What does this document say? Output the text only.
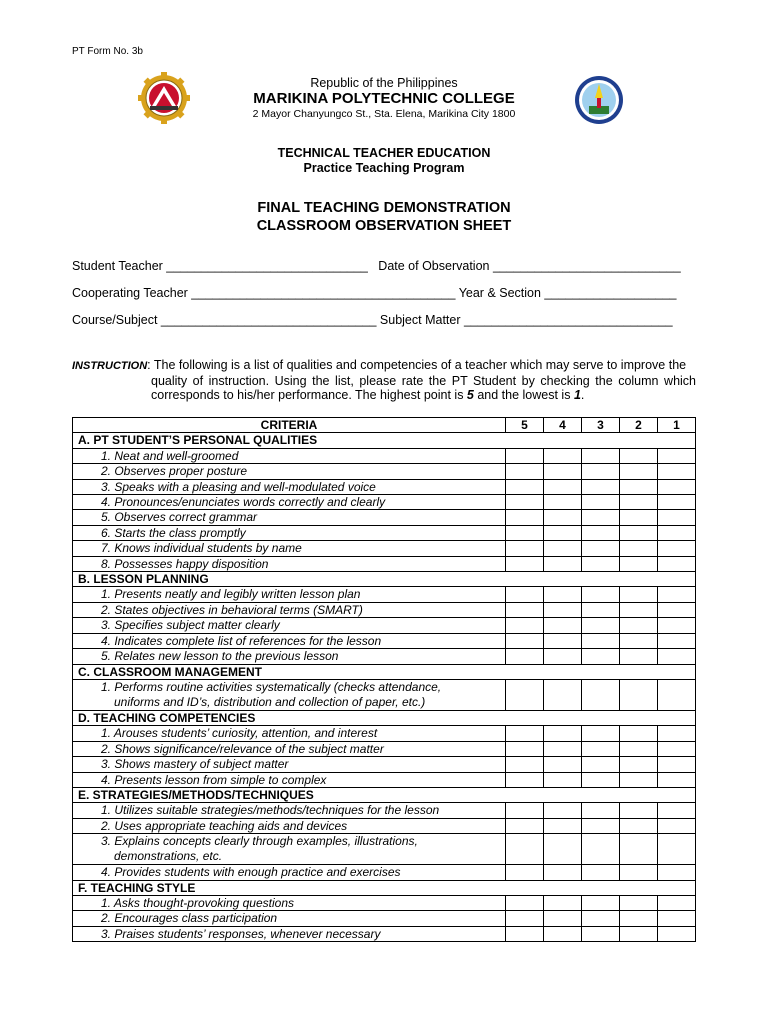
PT Form No. 3b
Republic of the Philippines
MARIKINA POLYTECHNIC COLLEGE
2 Mayor Chanyungco St., Sta. Elena, Marikina City 1800
TECHNICAL TEACHER EDUCATION
Practice Teaching Program
FINAL TEACHING DEMONSTRATION
CLASSROOM OBSERVATION SHEET
Student Teacher _____________________________   Date of Observation ___________________________
Cooperating Teacher ______________________________________ Year & Section ___________________
Course/Subject _______________________________ Subject Matter ______________________________
INSTRUCTION: The following is a list of qualities and competencies of a teacher which may serve to improve the
quality of instruction. Using the list, please rate the PT Student by checking the column which corresponds to his/her performance. The highest point is 5 and the lowest is 1.
CRITERIA	5	4	3	2	1
A. PT STUDENT’S PERSONAL QUALITIES					
1. Neat and well-groomed					
2. Observes proper posture					
3. Speaks with a pleasing and well-modulated voice					
4. Pronounces/enunciates words correctly and clearly					
5. Observes correct grammar					
6. Starts the class promptly					
7. Knows individual students by name					
8. Possesses happy disposition					
B. LESSON PLANNING					
1. Presents neatly and legibly written lesson plan					
2. States objectives in behavioral terms (SMART)					
3. Specifies subject matter clearly					
4. Indicates complete list of references for the lesson					
5. Relates new lesson to the previous lesson					
C. CLASSROOM MANAGEMENT					
1. Performs routine activities systematically (checks attendance,
uniforms and ID’s, distribution and collection of paper, etc.)					

D. TEACHING COMPETENCIES					
1. Arouses students’ curiosity, attention, and interest					
2. Shows significance/relevance of the subject matter					
3. Shows mastery of subject matter					
4. Presents lesson from simple to complex					
E. STRATEGIES/METHODS/TECHNIQUES					
1. Utilizes suitable strategies/methods/techniques for the lesson					
2. Uses appropriate teaching aids and devices					
3. Explains concepts clearly through examples, illustrations,
demonstrations, etc.					

4. Provides students with enough practice and exercises					
F. TEACHING STYLE					
1. Asks thought-provoking questions					
2. Encourages class participation					
3. Praises students’ responses, whenever necessary					
